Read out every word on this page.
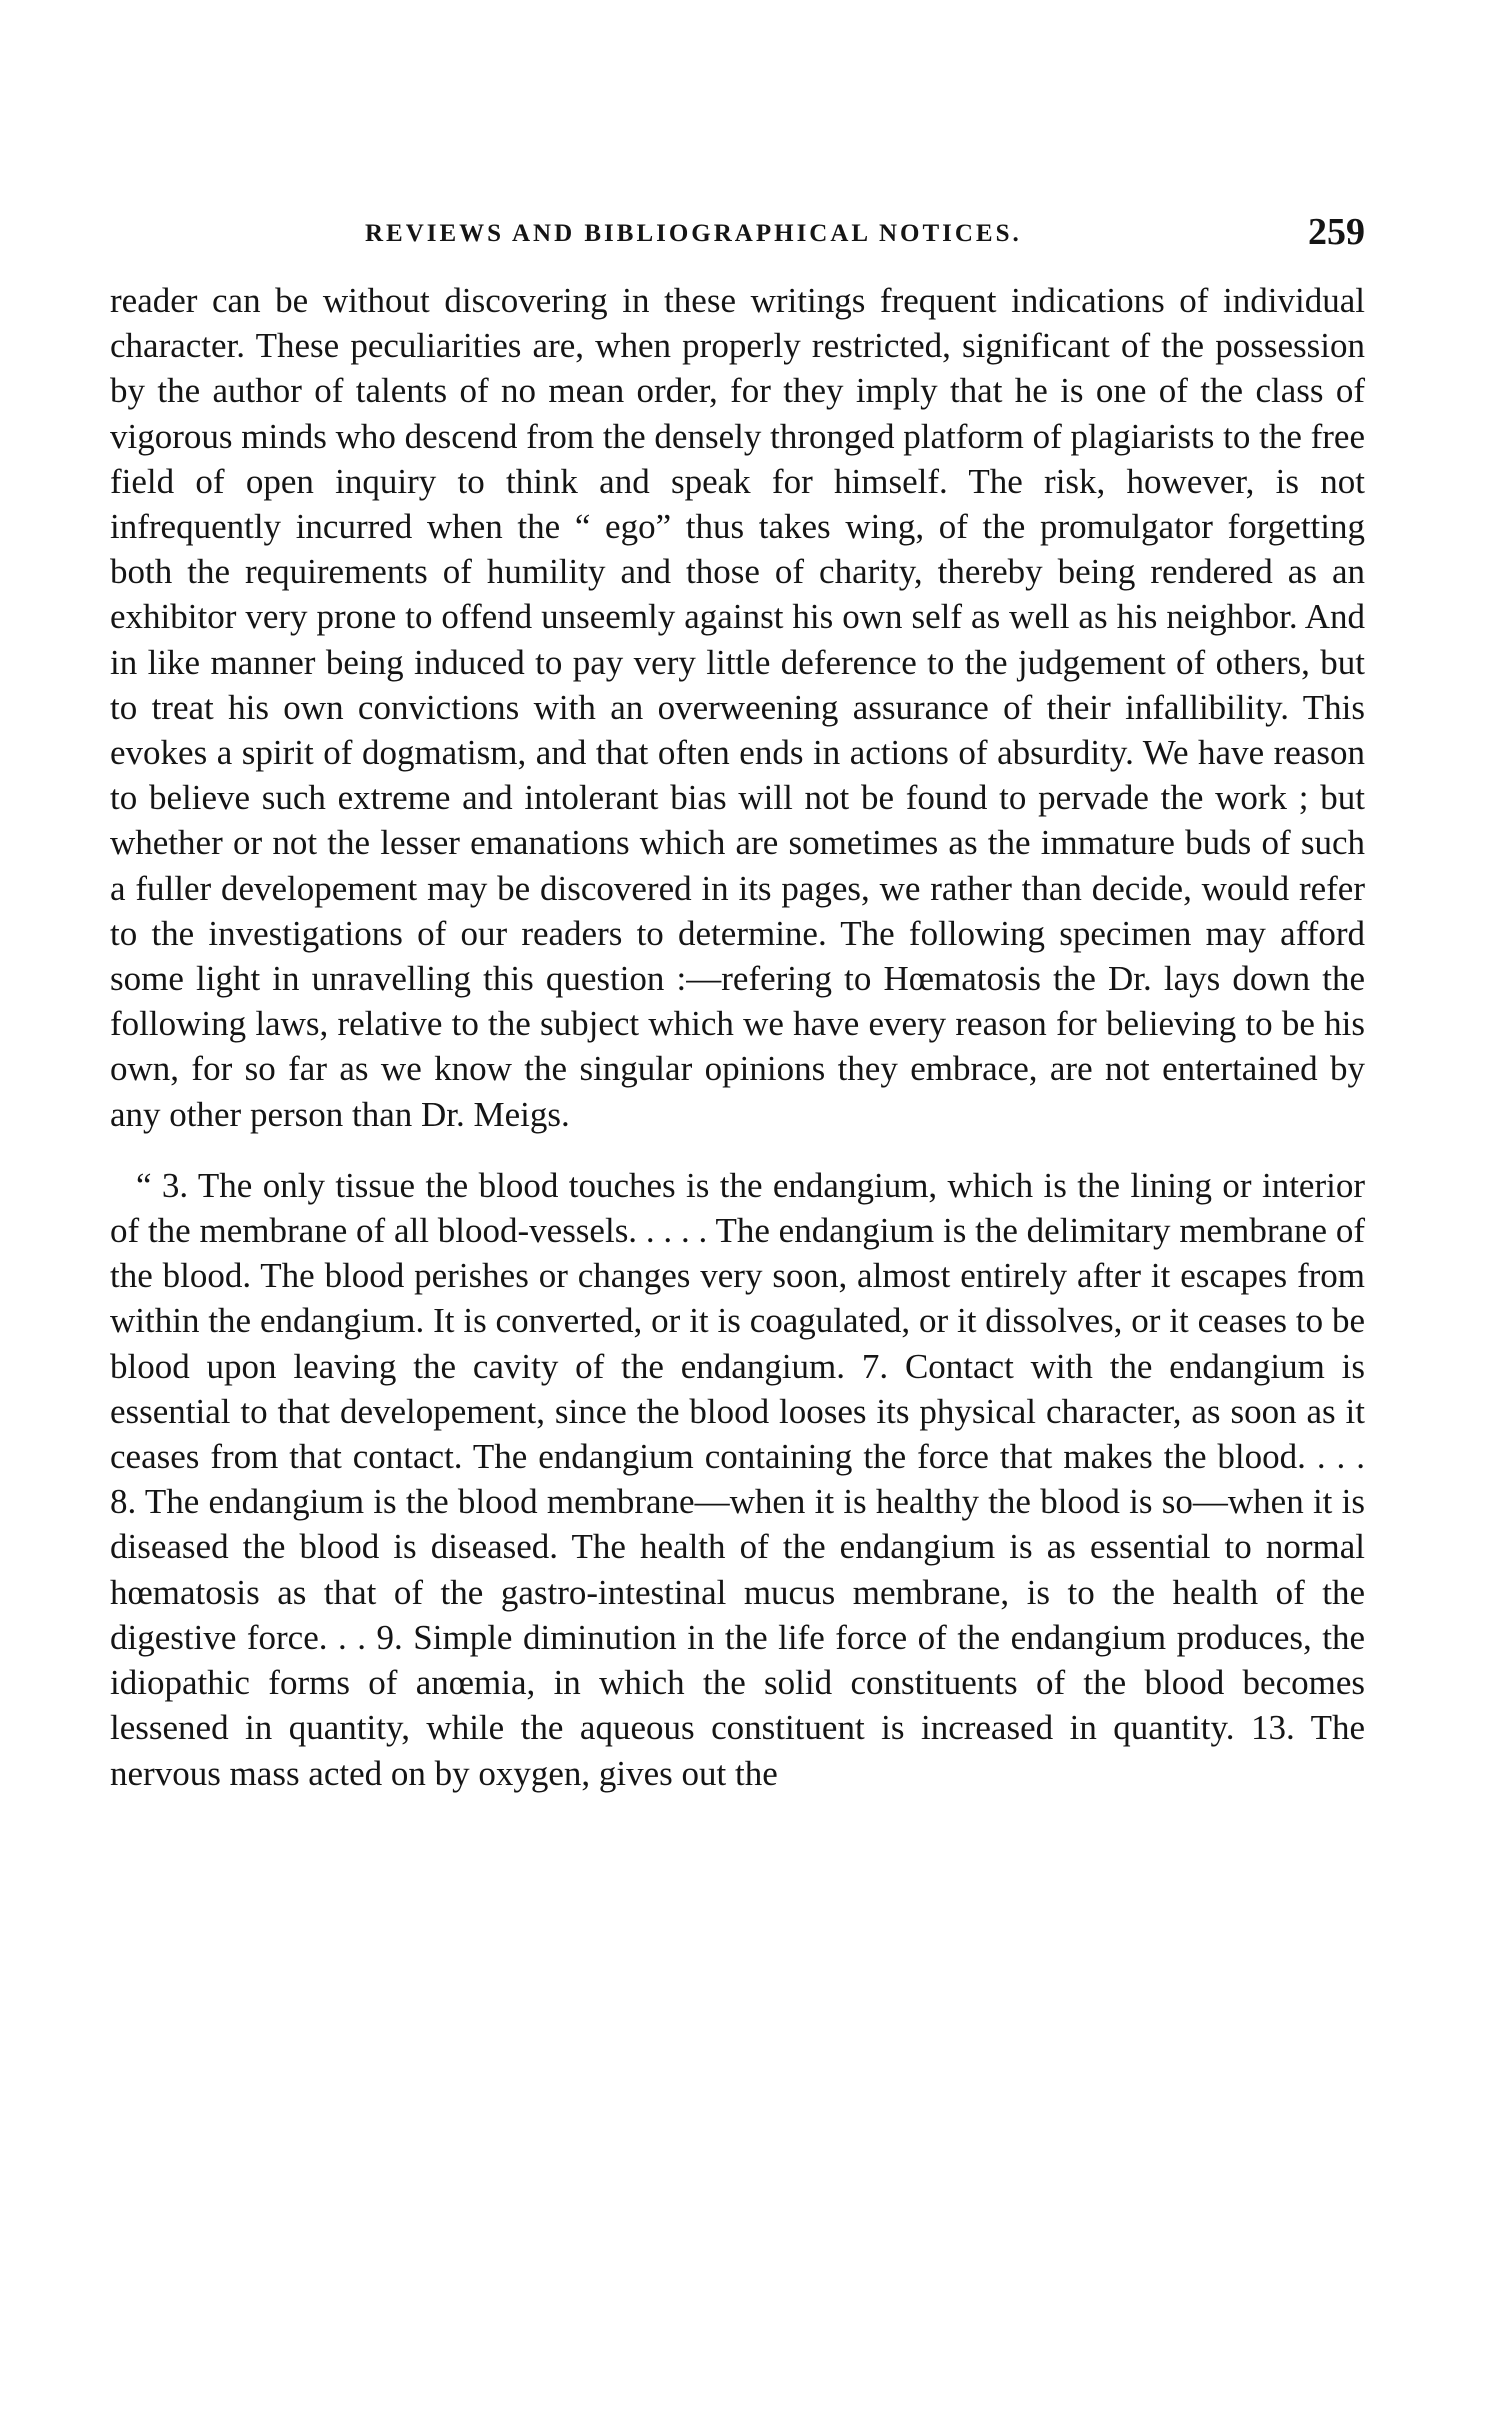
REVIEWS AND BIBLIOGRAPHICAL NOTICES.	259

reader can be without discovering in these writings frequent indications of individual character. These peculiarities are, when properly restricted, significant of the possession by the author of talents of no mean order, for they imply that he is one of the class of vigorous minds who descend from the densely thronged platform of plagiarists to the free field of open inquiry to think and speak for himself. The risk, however, is not infrequently incurred when the “ ego” thus takes wing, of the promulgator forgetting both the requirements of humility and those of charity, thereby being rendered as an exhibitor very prone to offend unseemly against his own self as well as his neighbor. And in like manner being induced to pay very little deference to the judgement of others, but to treat his own convictions with an overweening assurance of their infallibility. This evokes a spirit of dogmatism, and that often ends in actions of absurdity. We have reason to believe such extreme and intolerant bias will not be found to pervade the work ; but whether or not the lesser emanations which are sometimes as the immature buds of such a fuller developement may be discovered in its pages, we rather than decide, would refer to the investigations of our readers to determine. The following specimen may afford some light in unravelling this question :—refering to Hœmatosis the Dr. lays down the following laws, relative to the subject which we have every reason for believing to be his own, for so far as we know the singular opinions they embrace, are not entertained by any other person than Dr. Meigs.

“ 3. The only tissue the blood touches is the endangium, which is the lining or interior of the membrane of all blood-vessels. . . . . The endangium is the delimitary membrane of the blood. The blood perishes or changes very soon, almost entirely after it escapes from within the endangium. It is converted, or it is coagulated, or it dissolves, or it ceases to be blood upon leaving the cavity of the endangium. 7. Contact with the endangium is essential to that developement, since the blood looses its physical character, as soon as it ceases from that contact. The endangium containing the force that makes the blood. . . . 8. The endangium is the blood membrane—when it is healthy the blood is so—when it is diseased the blood is diseased. The health of the endangium is as essential to normal hœmatosis as that of the gastro-intestinal mucus membrane, is to the health of the digestive force. . . 9. Simple diminution in the life force of the endangium produces, the idiopathic forms of anœmia, in which the solid constituents of the blood becomes lessened in quantity, while the aqueous constituent is increased in quantity. 13. The nervous mass acted on by oxygen, gives out the
